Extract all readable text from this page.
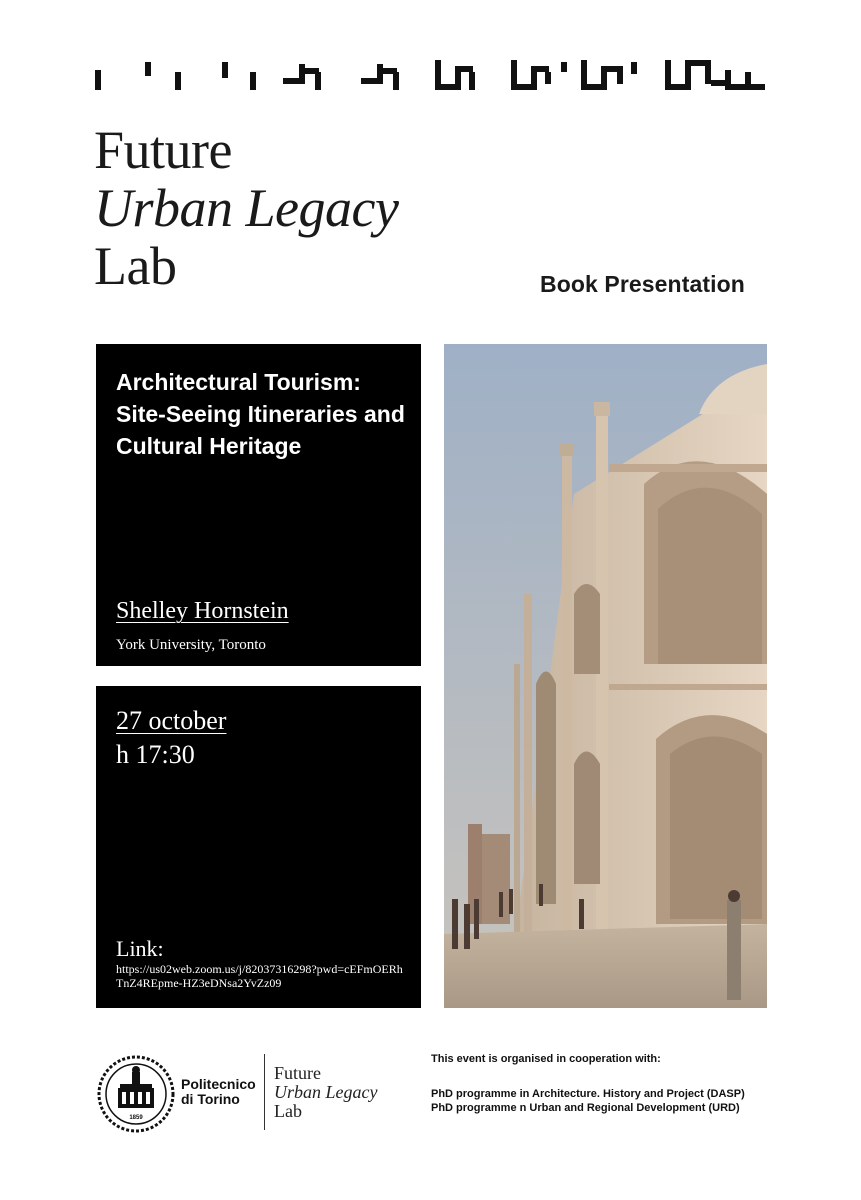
Future
Urban Legacy
Lab	Book Presentation
Architectural Tourism: Site-Seeing Itineraries and Cultural Heritage
Shelley Hornstein
York University, Toronto
27 october
h 17:30
Link:
https://us02web.zoom.us/j/82037316298?pwd=cEFmOERhTnZ4REpme-HZ3eDNsa2YvZz09
1859
Politecnico
di Torino
Future
Urban Legacy
Lab
This event is organised in cooperation with:
PhD programme in Architecture. History and Project (DASP)
PhD programme n Urban and Regional Development (URD)
